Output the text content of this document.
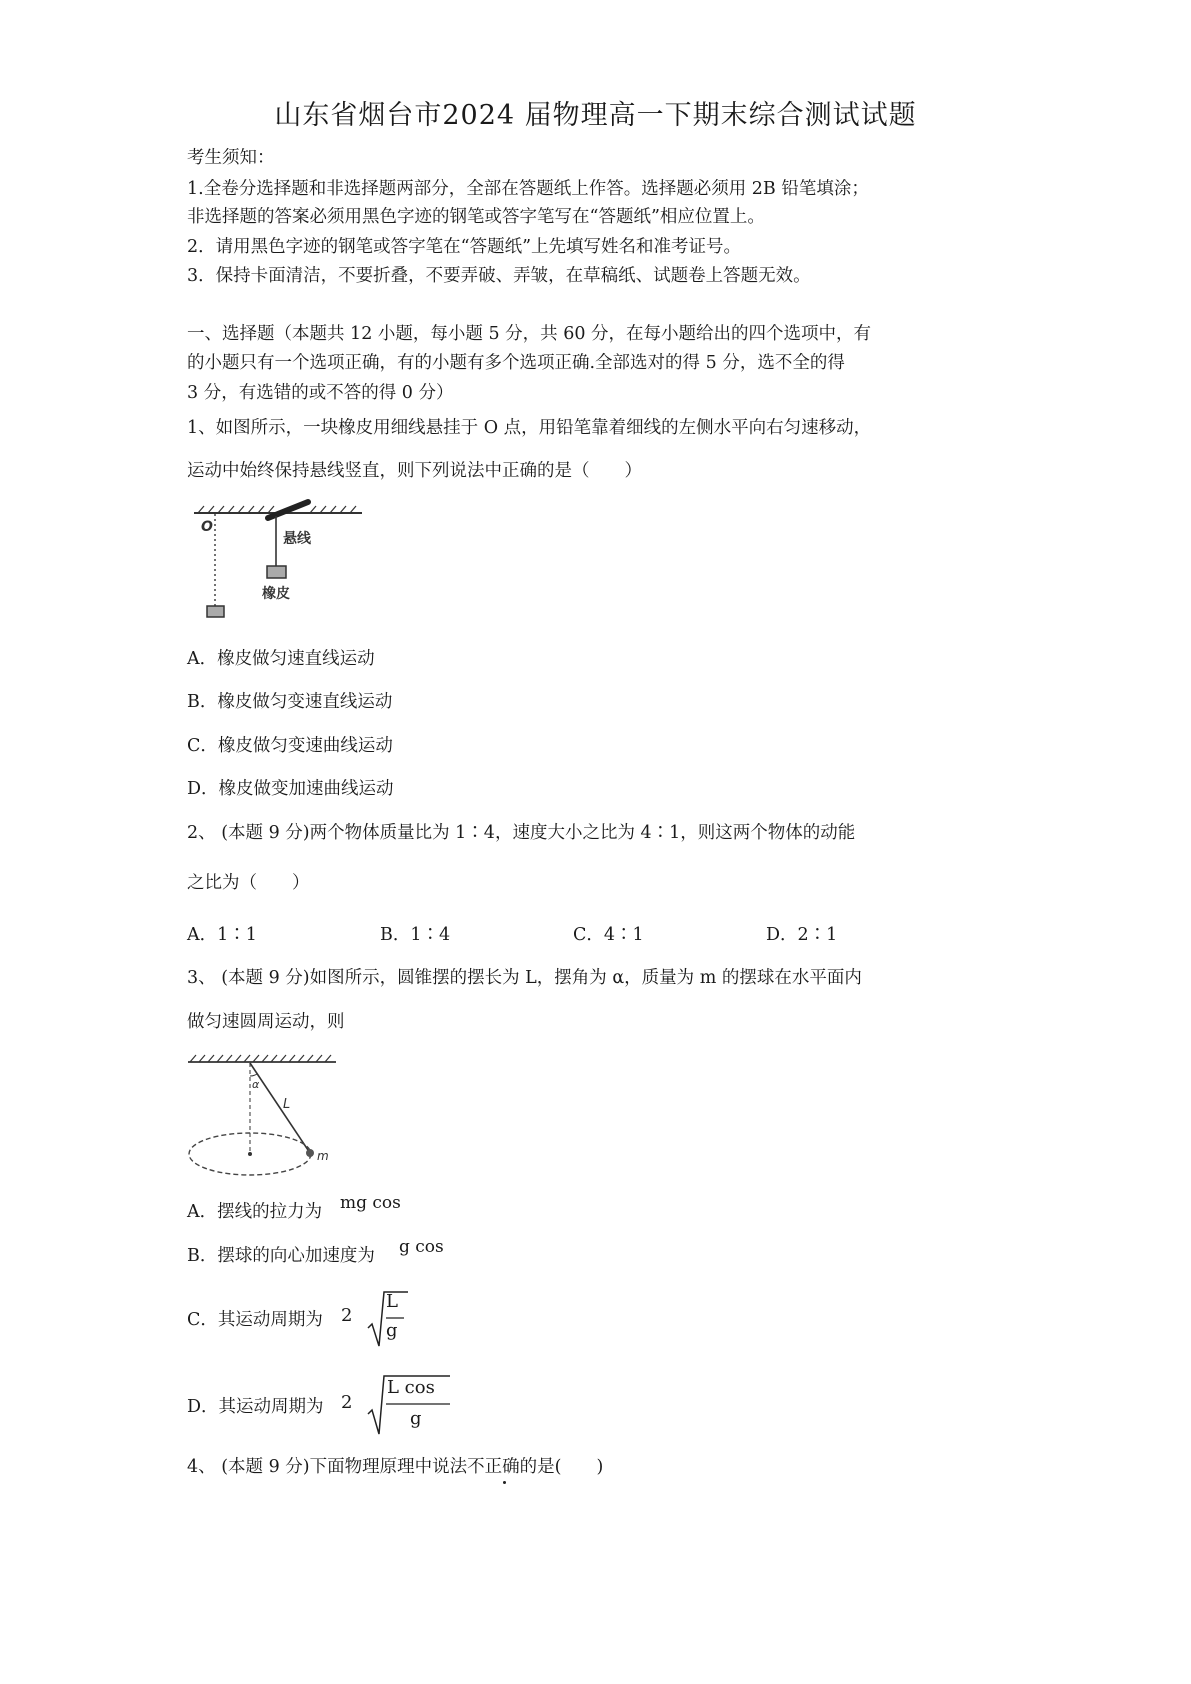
山东省烟台市2024 届物理高一下期末综合测试试题
考生须知：
1.全卷分选择题和非选择题两部分，全部在答题纸上作答。选择题必须用 2B 铅笔填涂；
非选择题的答案必须用黑色字迹的钢笔或答字笔写在“答题纸”相应位置上。
2．请用黑色字迹的钢笔或答字笔在“答题纸”上先填写姓名和准考证号。
3．保持卡面清洁，不要折叠，不要弄破、弄皱，在草稿纸、试题卷上答题无效。
一、选择题（本题共 12 小题，每小题 5 分，共 60 分，在每小题给出的四个选项中，有
的小题只有一个选项正确，有的小题有多个选项正确.全部选对的得 5 分，选不全的得
3 分，有选错的或不答的得 0 分）
1、如图所示，一块橡皮用细线悬挂于 O 点，用铅笔靠着细线的左侧水平向右匀速移动，
运动中始终保持悬线竖直，则下列说法中正确的是（　　）
O
悬线
橡皮
A．橡皮做匀速直线运动
B．橡皮做匀变速直线运动
C．橡皮做匀变速曲线运动
D．橡皮做变加速曲线运动
2、 (本题 9 分)两个物体质量比为 1∶4，速度大小之比为 4∶1，则这两个物体的动能
之比为（　　）
A．1∶1	B．1∶4	C．4∶1	D．2∶1
3、 (本题 9 分)如图所示，圆锥摆的摆长为 L，摆角为 α，质量为 m 的摆球在水平面内
做匀速圆周运动，则
α
L
m
A．摆线的拉力为 mg cos
B．摆球的向心加速度为 g cos
C．其运动周期为 2
L
g
D．其运动周期为 2
L cos
g
4、 (本题 9 分)下面物理原理中说法不正确的是(　　)
